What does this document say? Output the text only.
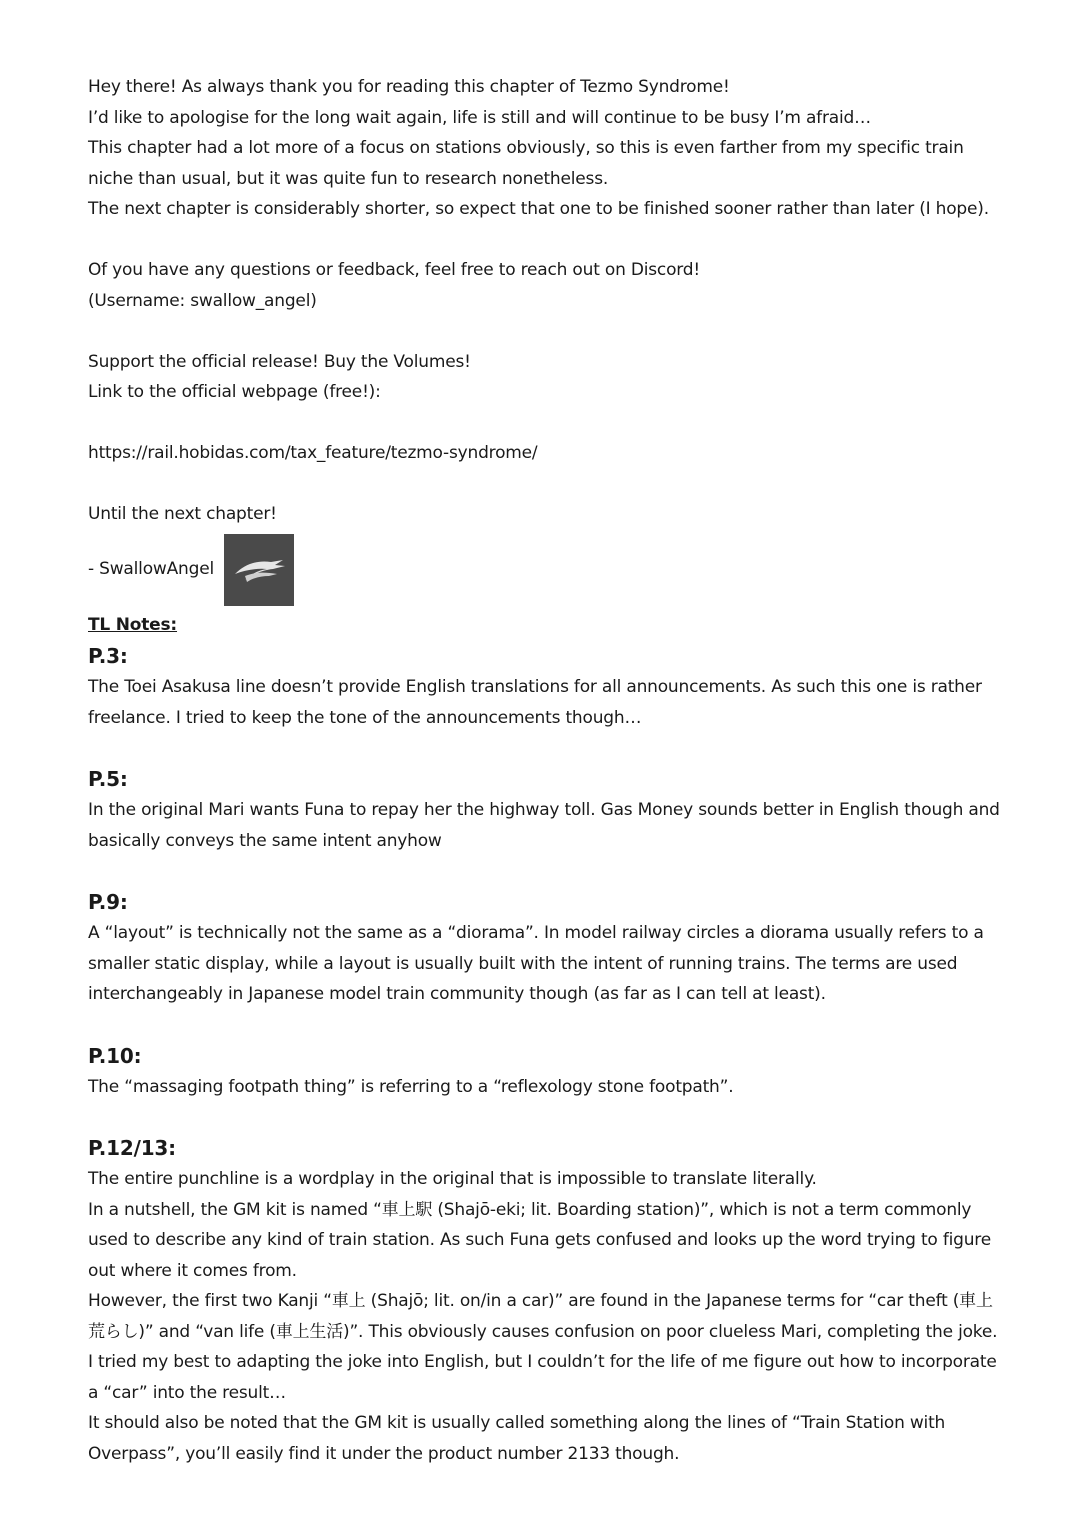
Hey there! As always thank you for reading this chapter of Tezmo Syndrome!
I’d like to apologise for the long wait again, life is still and will continue to be busy I’m afraid…
This chapter had a lot more of a focus on stations obviously, so this is even farther from my specific train niche than usual, but it was quite fun to research nonetheless.
The next chapter is considerably shorter, so expect that one to be finished sooner rather than later (I hope).
Of you have any questions or feedback, feel free to reach out on Discord!
(Username: swallow_angel)
Support the official release! Buy the Volumes!
Link to the official webpage (free!):
https://rail.hobidas.com/tax_feature/tezmo-syndrome/
Until the next chapter!
- SwallowAngel
TL Notes:
P.3:
The Toei Asakusa line doesn’t provide English translations for all announcements. As such this one is rather freelance. I tried to keep the tone of the announcements though…
P.5:
In the original Mari wants Funa to repay her the highway toll. Gas Money sounds better in English though and basically conveys the same intent anyhow
P.9:
A “layout” is technically not the same as a “diorama”. In model railway circles a diorama usually refers to a smaller static display, while a layout is usually built with the intent of running trains. The terms are used interchangeably in Japanese model train community though (as far as I can tell at least).
P.10:
The “massaging footpath thing” is referring to a “reflexology stone footpath”.
P.12/13:
The entire punchline is a wordplay in the original that is impossible to translate literally.
In a nutshell, the GM kit is named “車上駅 (Shajō-eki; lit. Boarding station)”, which is not a term commonly used to describe any kind of train station. As such Funa gets confused and looks up the word trying to figure out where it comes from.
However, the first two Kanji “車上 (Shajō; lit. on/in a car)” are found in the Japanese terms for “car theft (車上荒らし)” and “van life (車上生活)”. This obviously causes confusion on poor clueless Mari, completing the joke.
I tried my best to adapting the joke into English, but I couldn’t for the life of me figure out how to incorporate a “car” into the result…
It should also be noted that the GM kit is usually called something along the lines of “Train Station with Overpass”, you’ll easily find it under the product number 2133 though.
